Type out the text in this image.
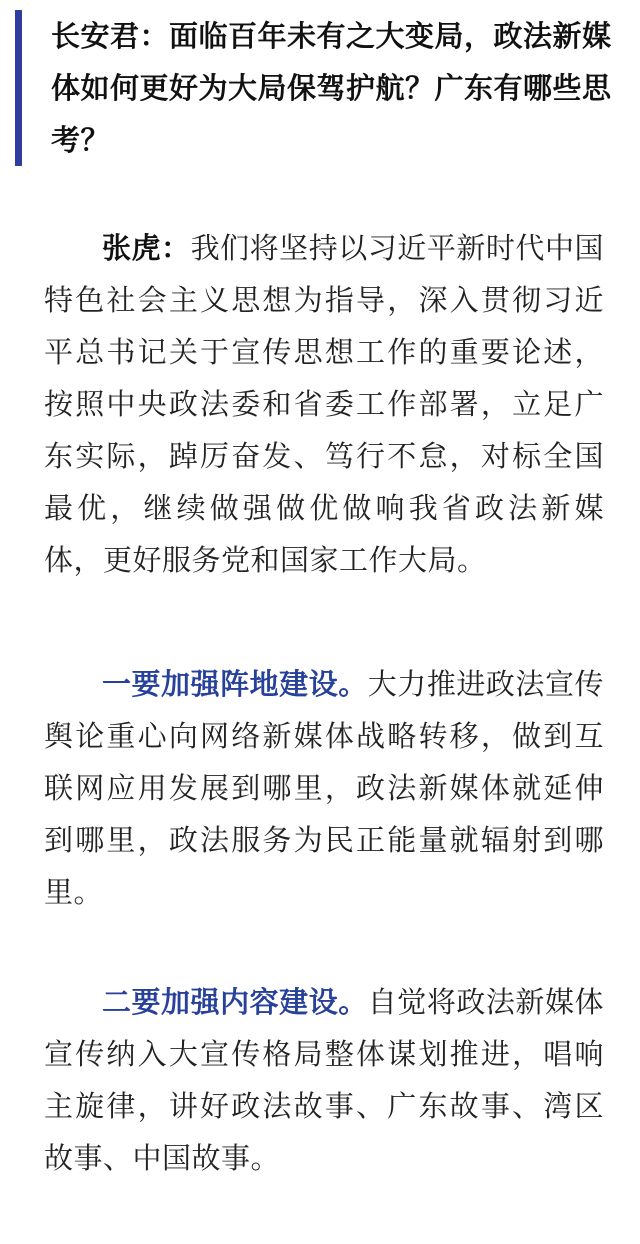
长安君：面临百年未有之大变局，政法新媒体如何更好为大局保驾护航？广东有哪些思考？

张虎：我们将坚持以习近平新时代中国特色社会主义思想为指导，深入贯彻习近平总书记关于宣传思想工作的重要论述，按照中央政法委和省委工作部署，立足广东实际，踔厉奋发、笃行不怠，对标全国最优，继续做强做优做响我省政法新媒体，更好服务党和国家工作大局。

一要加强阵地建设。大力推进政法宣传舆论重心向网络新媒体战略转移，做到互联网应用发展到哪里，政法新媒体就延伸到哪里，政法服务为民正能量就辐射到哪里。

二要加强内容建设。自觉将政法新媒体宣传纳入大宣传格局整体谋划推进，唱响主旋律，讲好政法故事、广东故事、湾区故事、中国故事。
